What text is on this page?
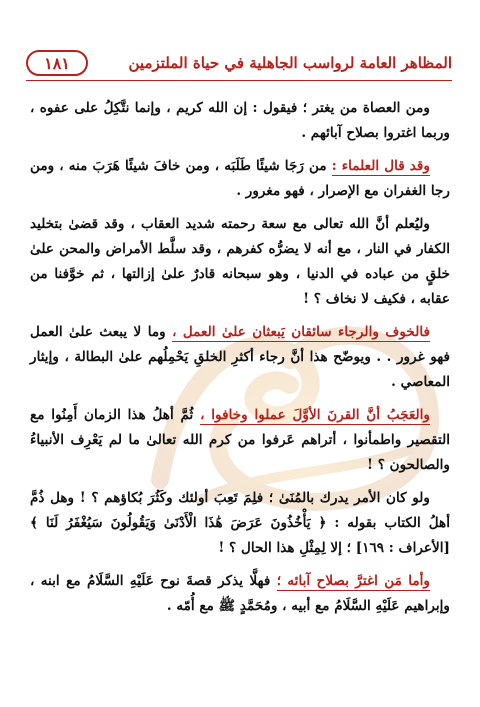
المظاهر العامة لرواسب الجاهلية في حياة الملتزمين
١٨١

ومن العصاة من يغتر ؛ فيقول : إن الله كريم ، وإنما نتَّكِلُ على عفوه ، وربما اغتروا بصلاح آبائهم .

وقد قال العلماء : من رَجَا شيئًا طَلَبَه ، ومن خافَ شيئًا هَرَبَ منه ، ومن رجا الغفران مع الإصرار ، فهو مغرور .

وليُعلم أنَّ الله تعالى مع سعة رحمته شديد العقاب ، وقد قضىٰ بتخليد الكفار في النار ، مع أنه لا يضرُّه كفرهم ، وقد سلَّط الأمراض والمحن علىٰ خلقٍ من عباده في الدنيا ، وهو سبحانه قادرٌ علىٰ إزالتها ، ثم خوَّفنا من عقابه ، فكيف لا نخاف ؟ !

فالخوف والرجاء سائقان يَبعثان علىٰ العمل ، وما لا يبعث علىٰ العمل فهو غرور . . ويوضّح هذا أنَّ رجاء أكثرِ الخلقِ يَحْمِلُهم علىٰ البطالة ، وإيثار المعاصي .

والعَجَبُ أنَّ القرنَ الأوَّلَ عملوا وخافوا ، ثُمَّ أهلُ هذا الزمان أَمِنُوا مع التقصير واطمأنوا ، أتراهم عَرفوا من كرم الله تعالىٰ ما لم يَعْرِف الأنبياءُ والصالحون ؟ !

ولو كان الأمر يدرك بالمُنَىٰ ؛ فلِمَ تَعِبَ أولئك وكَثُرَ بُكاؤهم ؟ ! وهل ذُمَّ أهلُ الكتاب بقوله : ﴿ يَأْخُذُونَ عَرَضَ هَٰذَا الْأَدْنَىٰ وَيَقُولُونَ سَيُغْفَرُ لَنَا ﴾ [الأعراف : ١٦٩] ؛ إلا لِمِثْلِ هذا الحال ؟ !

وأما مَن اغترَّ بصلاح آبائه ؛ فهلَّا يذكر قصةَ نوح عَلَيْهِ السَّلَامُ مع ابنه ، وإبراهيم عَلَيْهِ السَّلَامُ مع أبيه ، ومُحَمَّدٍ ﷺ مع أُمّه .
